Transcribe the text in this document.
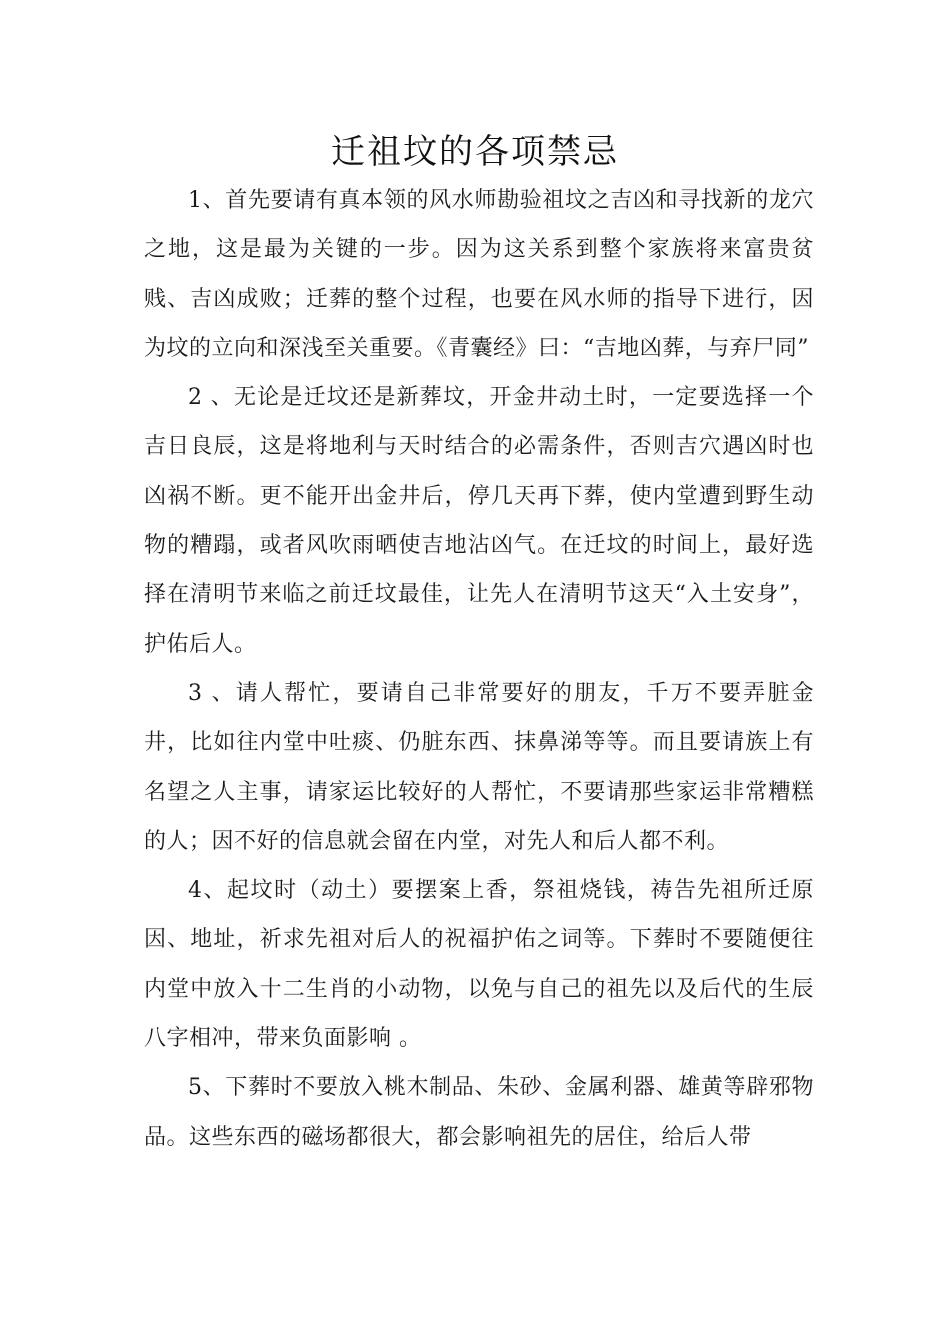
迁祖坟的各项禁忌

1、首先要请有真本领的风水师勘验祖坟之吉凶和寻找新的龙穴之地，这是最为关键的一步。因为这关系到整个家族将来富贵贫贱、吉凶成败；迁葬的整个过程，也要在风水师的指导下进行，因为坟的立向和深浅至关重要。《青囊经》曰：“吉地凶葬，与弃尸同”

2 、无论是迁坟还是新葬坟，开金井动土时，一定要选择一个吉日良辰，这是将地利与天时结合的必需条件，否则吉穴遇凶时也凶祸不断。更不能开出金井后，停几天再下葬，使内堂遭到野生动物的糟蹋，或者风吹雨晒使吉地沾凶气。在迁坟的时间上，最好选择在清明节来临之前迁坟最佳，让先人在清明节这天“入土安身”，护佑后人。

3 、请人帮忙，要请自己非常要好的朋友，千万不要弄脏金井，比如往内堂中吐痰、仍脏东西、抹鼻涕等等。而且要请族上有名望之人主事，请家运比较好的人帮忙，不要请那些家运非常糟糕的人；因不好的信息就会留在内堂，对先人和后人都不利。

4、起坟时（动土）要摆案上香，祭祖烧钱，祷告先祖所迁原因、地址，祈求先祖对后人的祝福护佑之词等。下葬时不要随便往内堂中放入十二生肖的小动物，以免与自己的祖先以及后代的生辰八字相冲，带来负面影响 。

5、下葬时不要放入桃木制品、朱砂、金属利器、雄黄等辟邪物品。这些东西的磁场都很大，都会影响祖先的居住，给后人带
